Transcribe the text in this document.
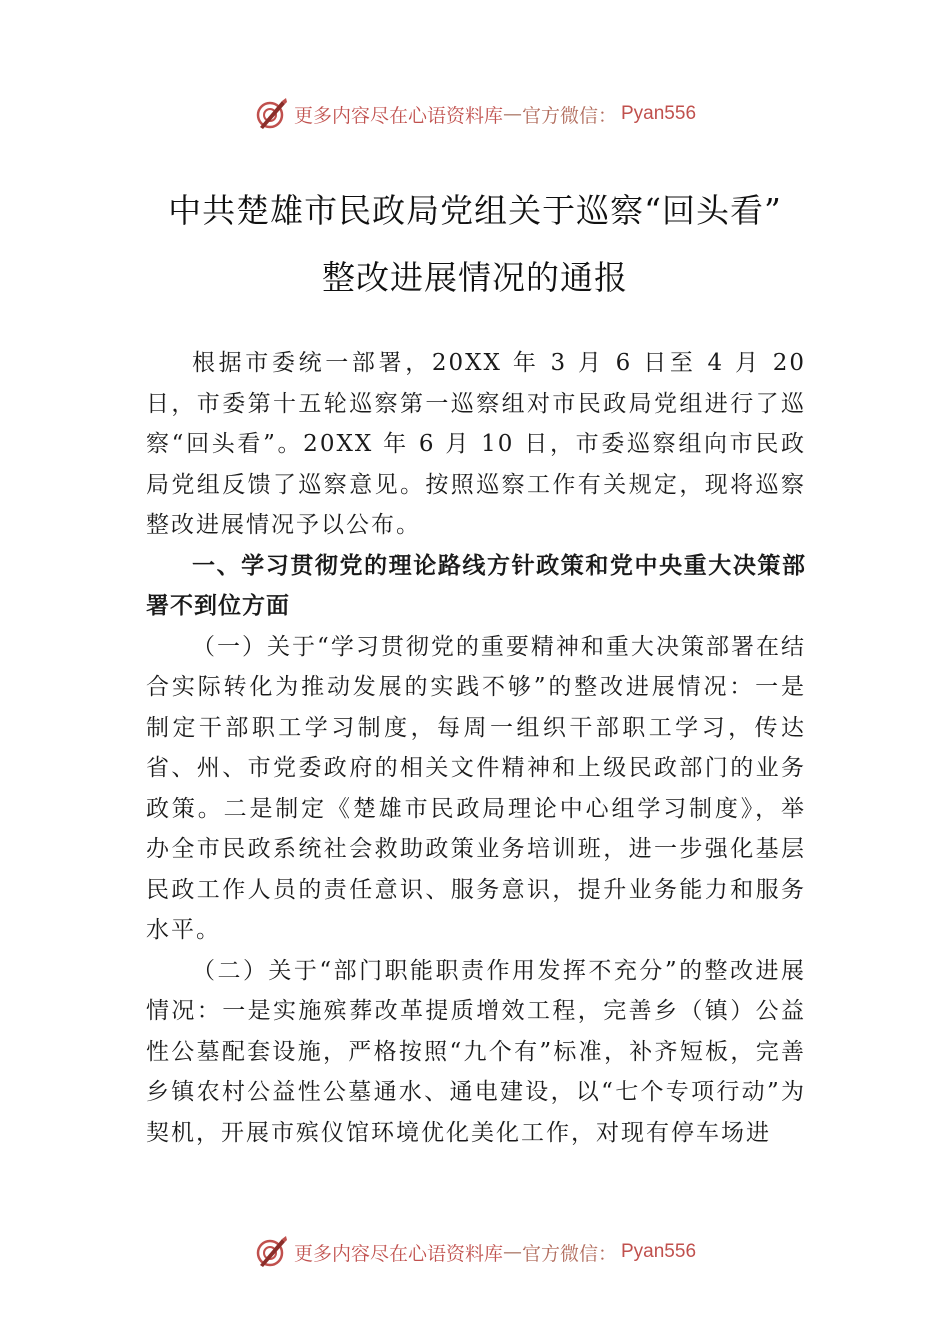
更多内容尽在心语资料库 — 官方微信： Pyan556
中共楚雄市民政局党组关于巡察“回头看”
整改进展情况的通报

根据市委统一部署，20XX 年 3 月 6 日至 4 月 20 日，市委第十五轮巡察第一巡察组对市民政局党组进行了巡察“回头看”。20XX 年 6 月 10 日，市委巡察组向市民政局党组反馈了巡察意见。按照巡察工作有关规定，现将巡察整改进展情况予以公布。

一、学习贯彻党的理论路线方针政策和党中央重大决策部署不到位方面

（一）关于“学习贯彻党的重要精神和重大决策部署在结合实际转化为推动发展的实践不够”的整改进展情况：一是制定干部职工学习制度，每周一组织干部职工学习，传达省、州、市党委政府的相关文件精神和上级民政部门的业务政策。二是制定《楚雄市民政局理论中心组学习制度》，举办全市民政系统社会救助政策业务培训班，进一步强化基层民政工作人员的责任意识、服务意识，提升业务能力和服务水平。

（二）关于“部门职能职责作用发挥不充分”的整改进展情况：一是实施殡葬改革提质增效工程，完善乡（镇）公益性公墓配套设施，严格按照“九个有”标准，补齐短板，完善乡镇农村公益性公墓通水、通电建设，以“七个专项行动”为契机，开展市殡仪馆环境优化美化工作，对现有停车场进

更多内容尽在心语资料库 — 官方微信： Pyan556
